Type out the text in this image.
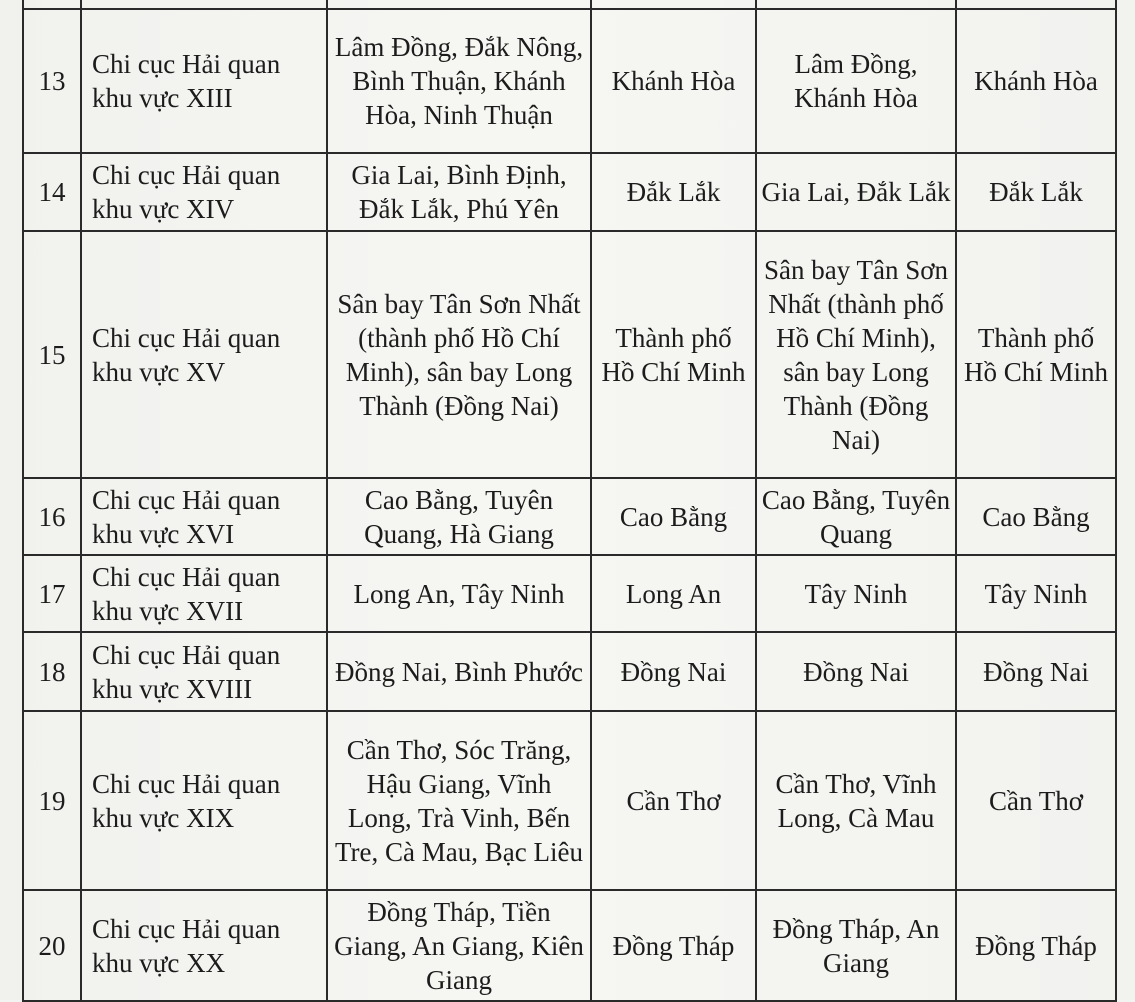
13	Chi cục Hải quan khu vực XIII	Lâm Đồng, Đắk Nông, Bình Thuận, Khánh Hòa, Ninh Thuận	Khánh Hòa	Lâm Đồng, Khánh Hòa	Khánh Hòa
14	Chi cục Hải quan khu vực XIV	Gia Lai, Bình Định, Đắk Lắk, Phú Yên	Đắk Lắk	Gia Lai, Đắk Lắk	Đắk Lắk
15	Chi cục Hải quan khu vực XV	Sân bay Tân Sơn Nhất (thành phố Hồ Chí Minh), sân bay Long Thành (Đồng Nai)	Thành phố Hồ Chí Minh	Sân bay Tân Sơn Nhất (thành phố Hồ Chí Minh), sân bay Long Thành (Đồng Nai)	Thành phố Hồ Chí Minh
16	Chi cục Hải quan khu vực XVI	Cao Bằng, Tuyên Quang, Hà Giang	Cao Bằng	Cao Bằng, Tuyên Quang	Cao Bằng
17	Chi cục Hải quan khu vực XVII	Long An, Tây Ninh	Long An	Tây Ninh	Tây Ninh
18	Chi cục Hải quan khu vực XVIII	Đồng Nai, Bình Phước	Đồng Nai	Đồng Nai	Đồng Nai
19	Chi cục Hải quan khu vực XIX	Cần Thơ, Sóc Trăng, Hậu Giang, Vĩnh Long, Trà Vinh, Bến Tre, Cà Mau, Bạc Liêu	Cần Thơ	Cần Thơ, Vĩnh Long, Cà Mau	Cần Thơ
20	Chi cục Hải quan khu vực XX	Đồng Tháp, Tiền Giang, An Giang, Kiên Giang	Đồng Tháp	Đồng Tháp, An Giang	Đồng Tháp
